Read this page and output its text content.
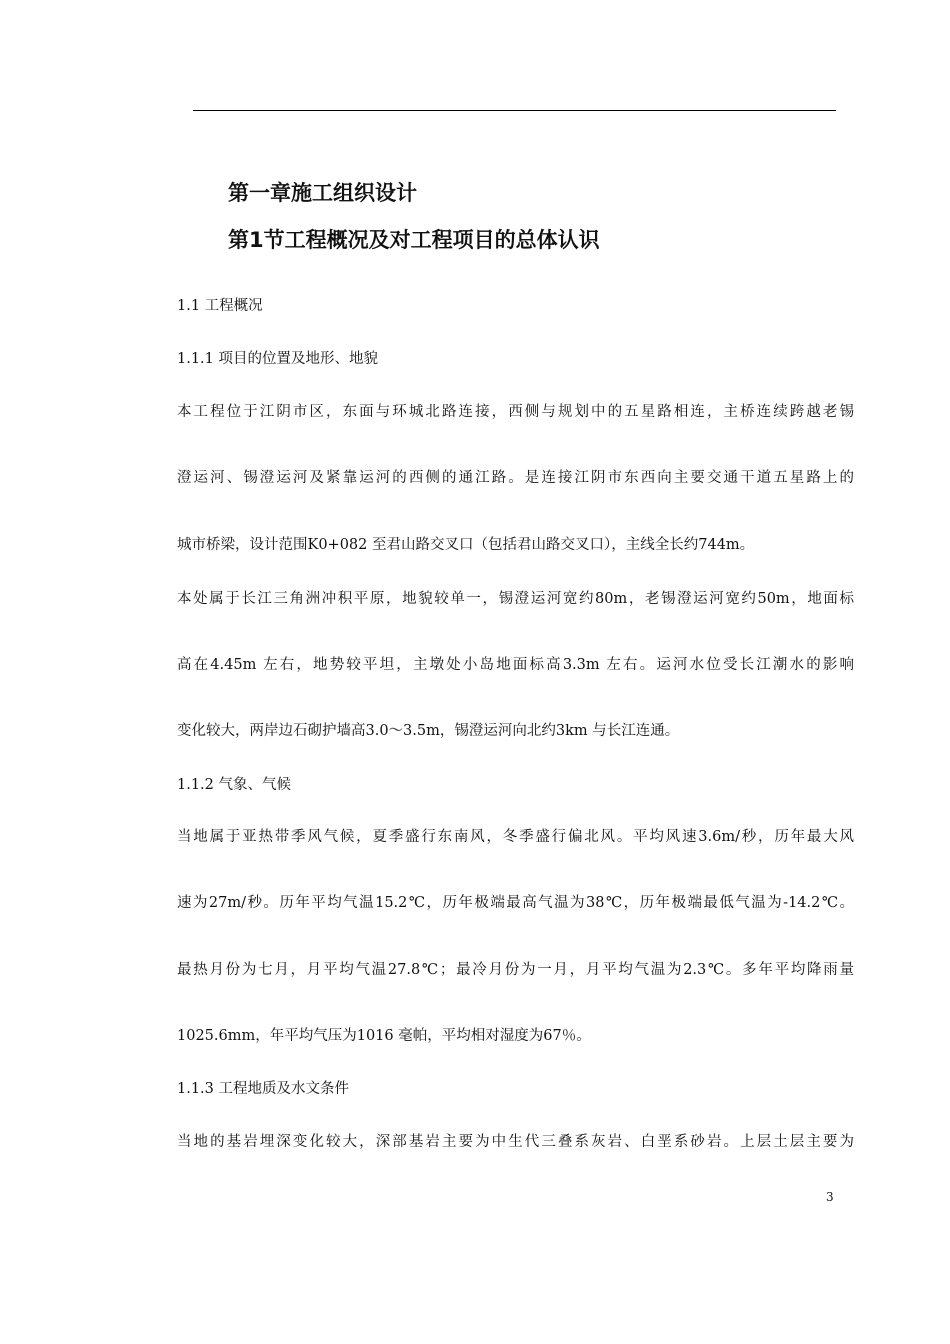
第一章施工组织设计
第1节工程概况及对工程项目的总体认识
1.1 工程概况
1.1.1 项目的位置及地形、地貌
本工程位于江阴市区，东面与环城北路连接，西侧与规划中的五星路相连，主桥连续跨越老锡
澄运河、锡澄运河及紧靠运河的西侧的通江路。是连接江阴市东西向主要交通干道五星路上的
城市桥梁，设计范围K0+082 至君山路交叉口（包括君山路交叉口），主线全长约744m。
本处属于长江三角洲冲积平原，地貌较单一，锡澄运河宽约80m，老锡澄运河宽约50m，地面标
高在4.45m 左右，地势较平坦，主墩处小岛地面标高3.3m 左右。运河水位受长江潮水的影响
变化较大，两岸边石砌护墙高3.0～3.5m，锡澄运河向北约3km 与长江连通。
1.1.2 气象、气候
当地属于亚热带季风气候，夏季盛行东南风，冬季盛行偏北风。平均风速3.6m/秒，历年最大风
速为27m/秒。历年平均气温15.2℃，历年极端最高气温为38℃，历年极端最低气温为-14.2℃。
最热月份为七月，月平均气温27.8℃；最冷月份为一月，月平均气温为2.3℃。多年平均降雨量
1025.6mm，年平均气压为1016 毫帕，平均相对湿度为67％。
1.1.3 工程地质及水文条件
当地的基岩埋深变化较大，深部基岩主要为中生代三叠系灰岩、白垩系砂岩。上层土层主要为
3
